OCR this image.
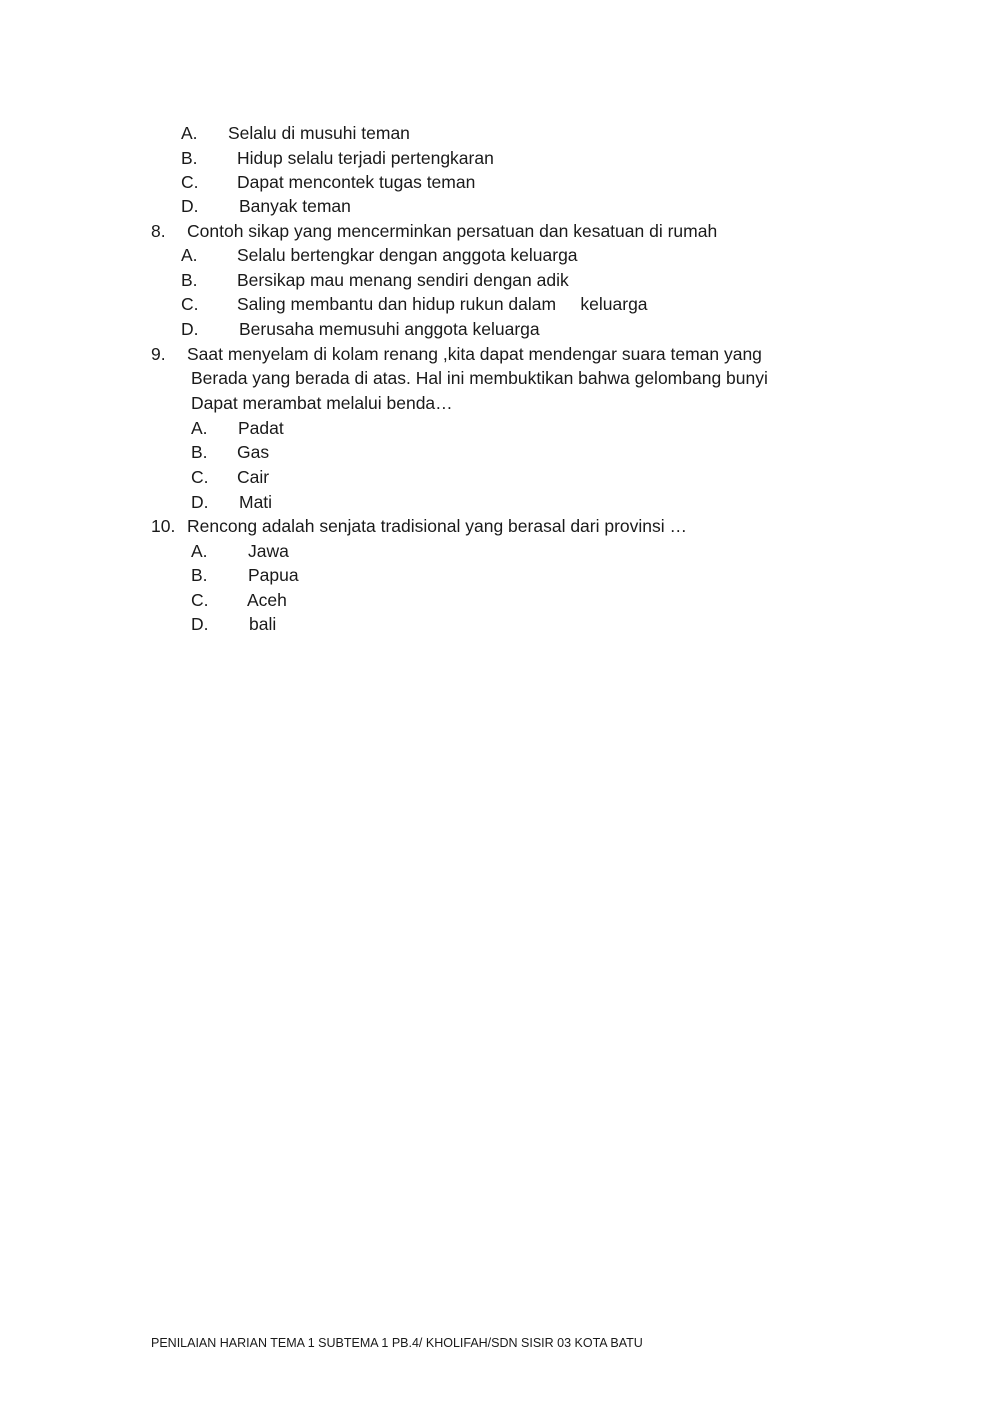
A.

Selalu di musuhi teman

B.

Hidup selalu terjadi pertengkaran

C.

Dapat mencontek tugas teman

D.

Banyak teman

8.

Contoh sikap yang mencerminkan persatuan dan kesatuan di rumah

A.

Selalu bertengkar dengan anggota keluarga

B.

Bersikap mau menang sendiri dengan adik

C.

Saling membantu dan hidup rukun dalam     keluarga

D.

Berusaha memusuhi anggota keluarga

9.

Saat menyelam di kolam renang ,kita dapat mendengar suara teman yang

Berada yang berada di atas. Hal ini membuktikan bahwa gelombang bunyi

Dapat merambat melalui benda…

A.

Padat

B.

Gas

C.

Cair

D.

Mati

10.

Rencong adalah senjata tradisional yang berasal dari provinsi …

A.

Jawa

B.

Papua

C.

Aceh

D.

bali

PENILAIAN HARIAN TEMA 1 SUBTEMA 1 PB.4/ KHOLIFAH/SDN SISIR 03 KOTA BATU
